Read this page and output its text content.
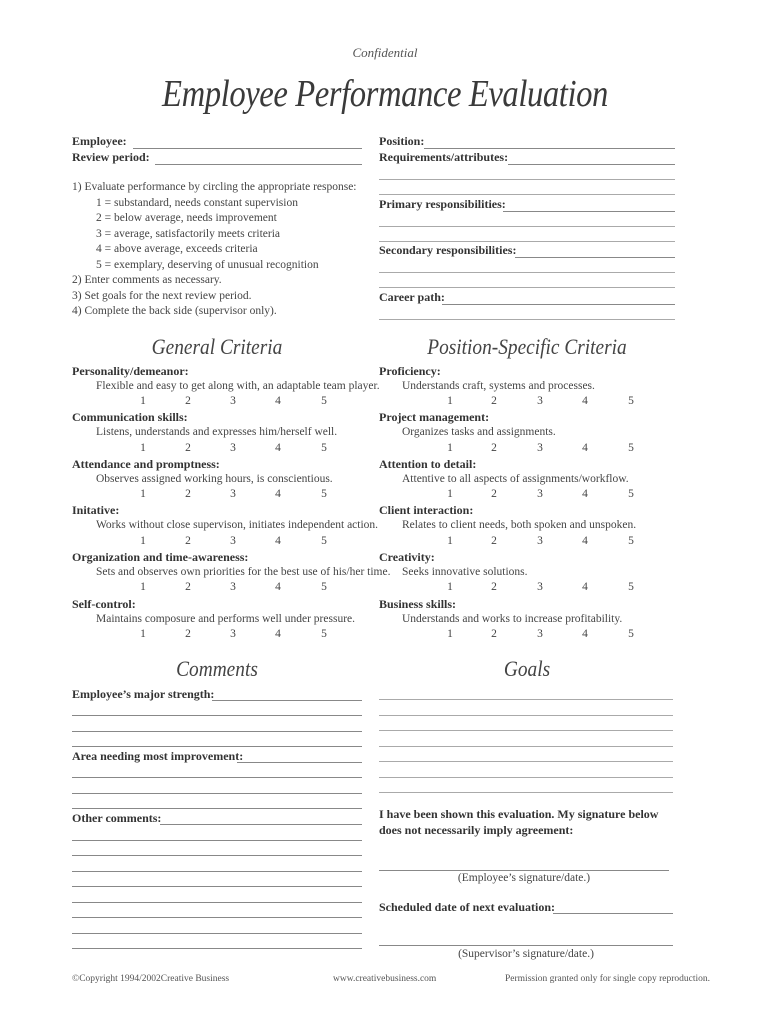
Confidential
Employee Performance Evaluation
Employee:
Review period:
1) Evaluate performance by circling the appropriate response:
1 = substandard, needs constant supervision
2 = below average, needs improvement
3 = average, satisfactorily meets criteria
4 = above average, exceeds criteria
5 = exemplary, deserving of unusual recognition
2) Enter comments as necessary.
3) Set goals for the next review period.
4) Complete the back side (supervisor only).
Position:
Requirements/attributes:
Primary responsibilities:
Secondary responsibilities:
Career path:
General Criteria	Position-Specific Criteria
Personality/demeanor:
Flexible and easy to get along with, an adaptable team player.
1	2	3	4	5
Communication skills:
Listens, understands and expresses him/herself well.
1	2	3	4	5
Attendance and promptness:
Observes assigned working hours, is conscientious.
1	2	3	4	5
Initative:
Works without close supervison, initiates independent action.
1	2	3	4	5
Organization and time-awareness:
Sets and observes own priorities for the best use of his/her time.
1	2	3	4	5
Self-control:
Maintains composure and performs well under pressure.
1	2	3	4	5
Proficiency:
Understands craft, systems and processes.
1	2	3	4	5
Project management:
Organizes tasks and assignments.
1	2	3	4	5
Attention to detail:
Attentive to all aspects of assignments/workflow.
1	2	3	4	5
Client interaction:
Relates to client needs, both spoken and unspoken.
1	2	3	4	5
Creativity:
Seeks innovative solutions.
1	2	3	4	5
Business skills:
Understands and works to increase profitability.
1	2	3	4	5
Comments	Goals
Employee’s major strength:
Area needing most improvement:
Other comments:	I have been shown this evaluation. My signature below does not necessarily imply agreement:
(Employee’s signature/date.)
Scheduled date of next evaluation:
(Supervisor’s signature/date.)
©Copyright 1994/2002Creative Business	www.creativebusiness.com	Permission granted only for single copy reproduction.
